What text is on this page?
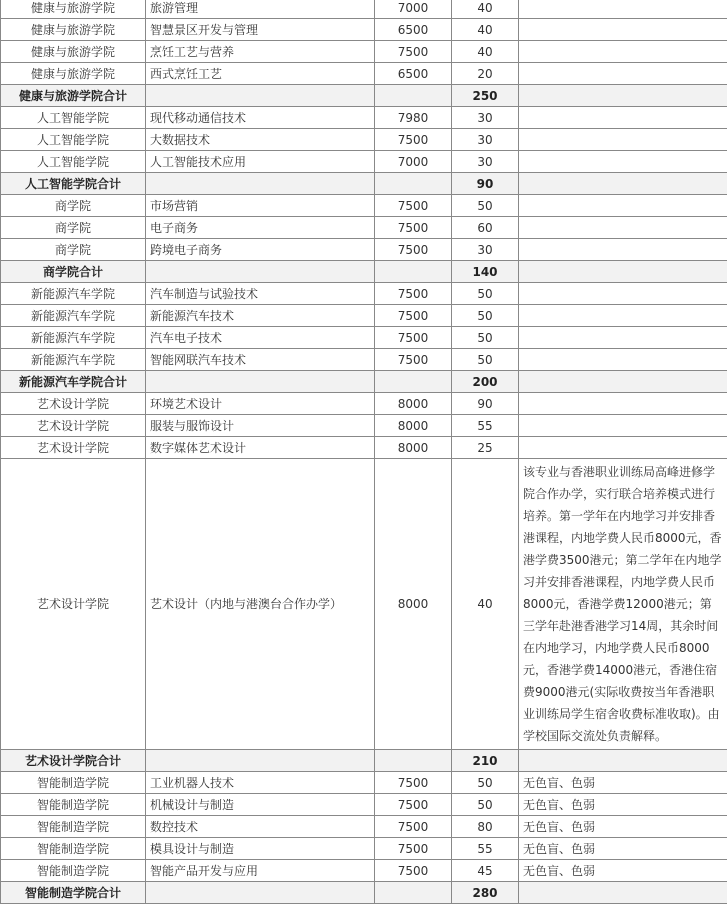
健康与旅游学院	旅游管理	7000	40	
健康与旅游学院	智慧景区开发与管理	6500	40	
健康与旅游学院	烹饪工艺与营养	7500	40	
健康与旅游学院	西式烹饪工艺	6500	20	
健康与旅游学院合计			250	
人工智能学院	现代移动通信技术	7980	30	
人工智能学院	大数据技术	7500	30	
人工智能学院	人工智能技术应用	7000	30	
人工智能学院合计			90	
商学院	市场营销	7500	50	
商学院	电子商务	7500	60	
商学院	跨境电子商务	7500	30	
商学院合计			140	
新能源汽车学院	汽车制造与试验技术	7500	50	
新能源汽车学院	新能源汽车技术	7500	50	
新能源汽车学院	汽车电子技术	7500	50	
新能源汽车学院	智能网联汽车技术	7500	50	
新能源汽车学院合计			200	
艺术设计学院	环境艺术设计	8000	90	
艺术设计学院	服装与服饰设计	8000	55	
艺术设计学院	数字媒体艺术设计	8000	25	
艺术设计学院	艺术设计（内地与港澳台合作办学）	8000	40	该专业与香港职业训练局高峰进修学院合作办学，实行联合培养模式进行培养。第一学年在内地学习并安排香港课程，内地学费人民币8000元，香港学费3500港元；第二学年在内地学习并安排香港课程，内地学费人民币8000元，香港学费12000港元；第三学年赴港香港学习14周，其余时间在内地学习，内地学费人民币8000元，香港学费14000港元，香港住宿费9000港元(实际收费按当年香港职业训练局学生宿舍收费标准收取)。由学校国际交流处负责解释。
艺术设计学院合计			210	
智能制造学院	工业机器人技术	7500	50	无色盲、色弱
智能制造学院	机械设计与制造	7500	50	无色盲、色弱
智能制造学院	数控技术	7500	80	无色盲、色弱
智能制造学院	模具设计与制造	7500	55	无色盲、色弱
智能制造学院	智能产品开发与应用	7500	45	无色盲、色弱
智能制造学院合计			280	
